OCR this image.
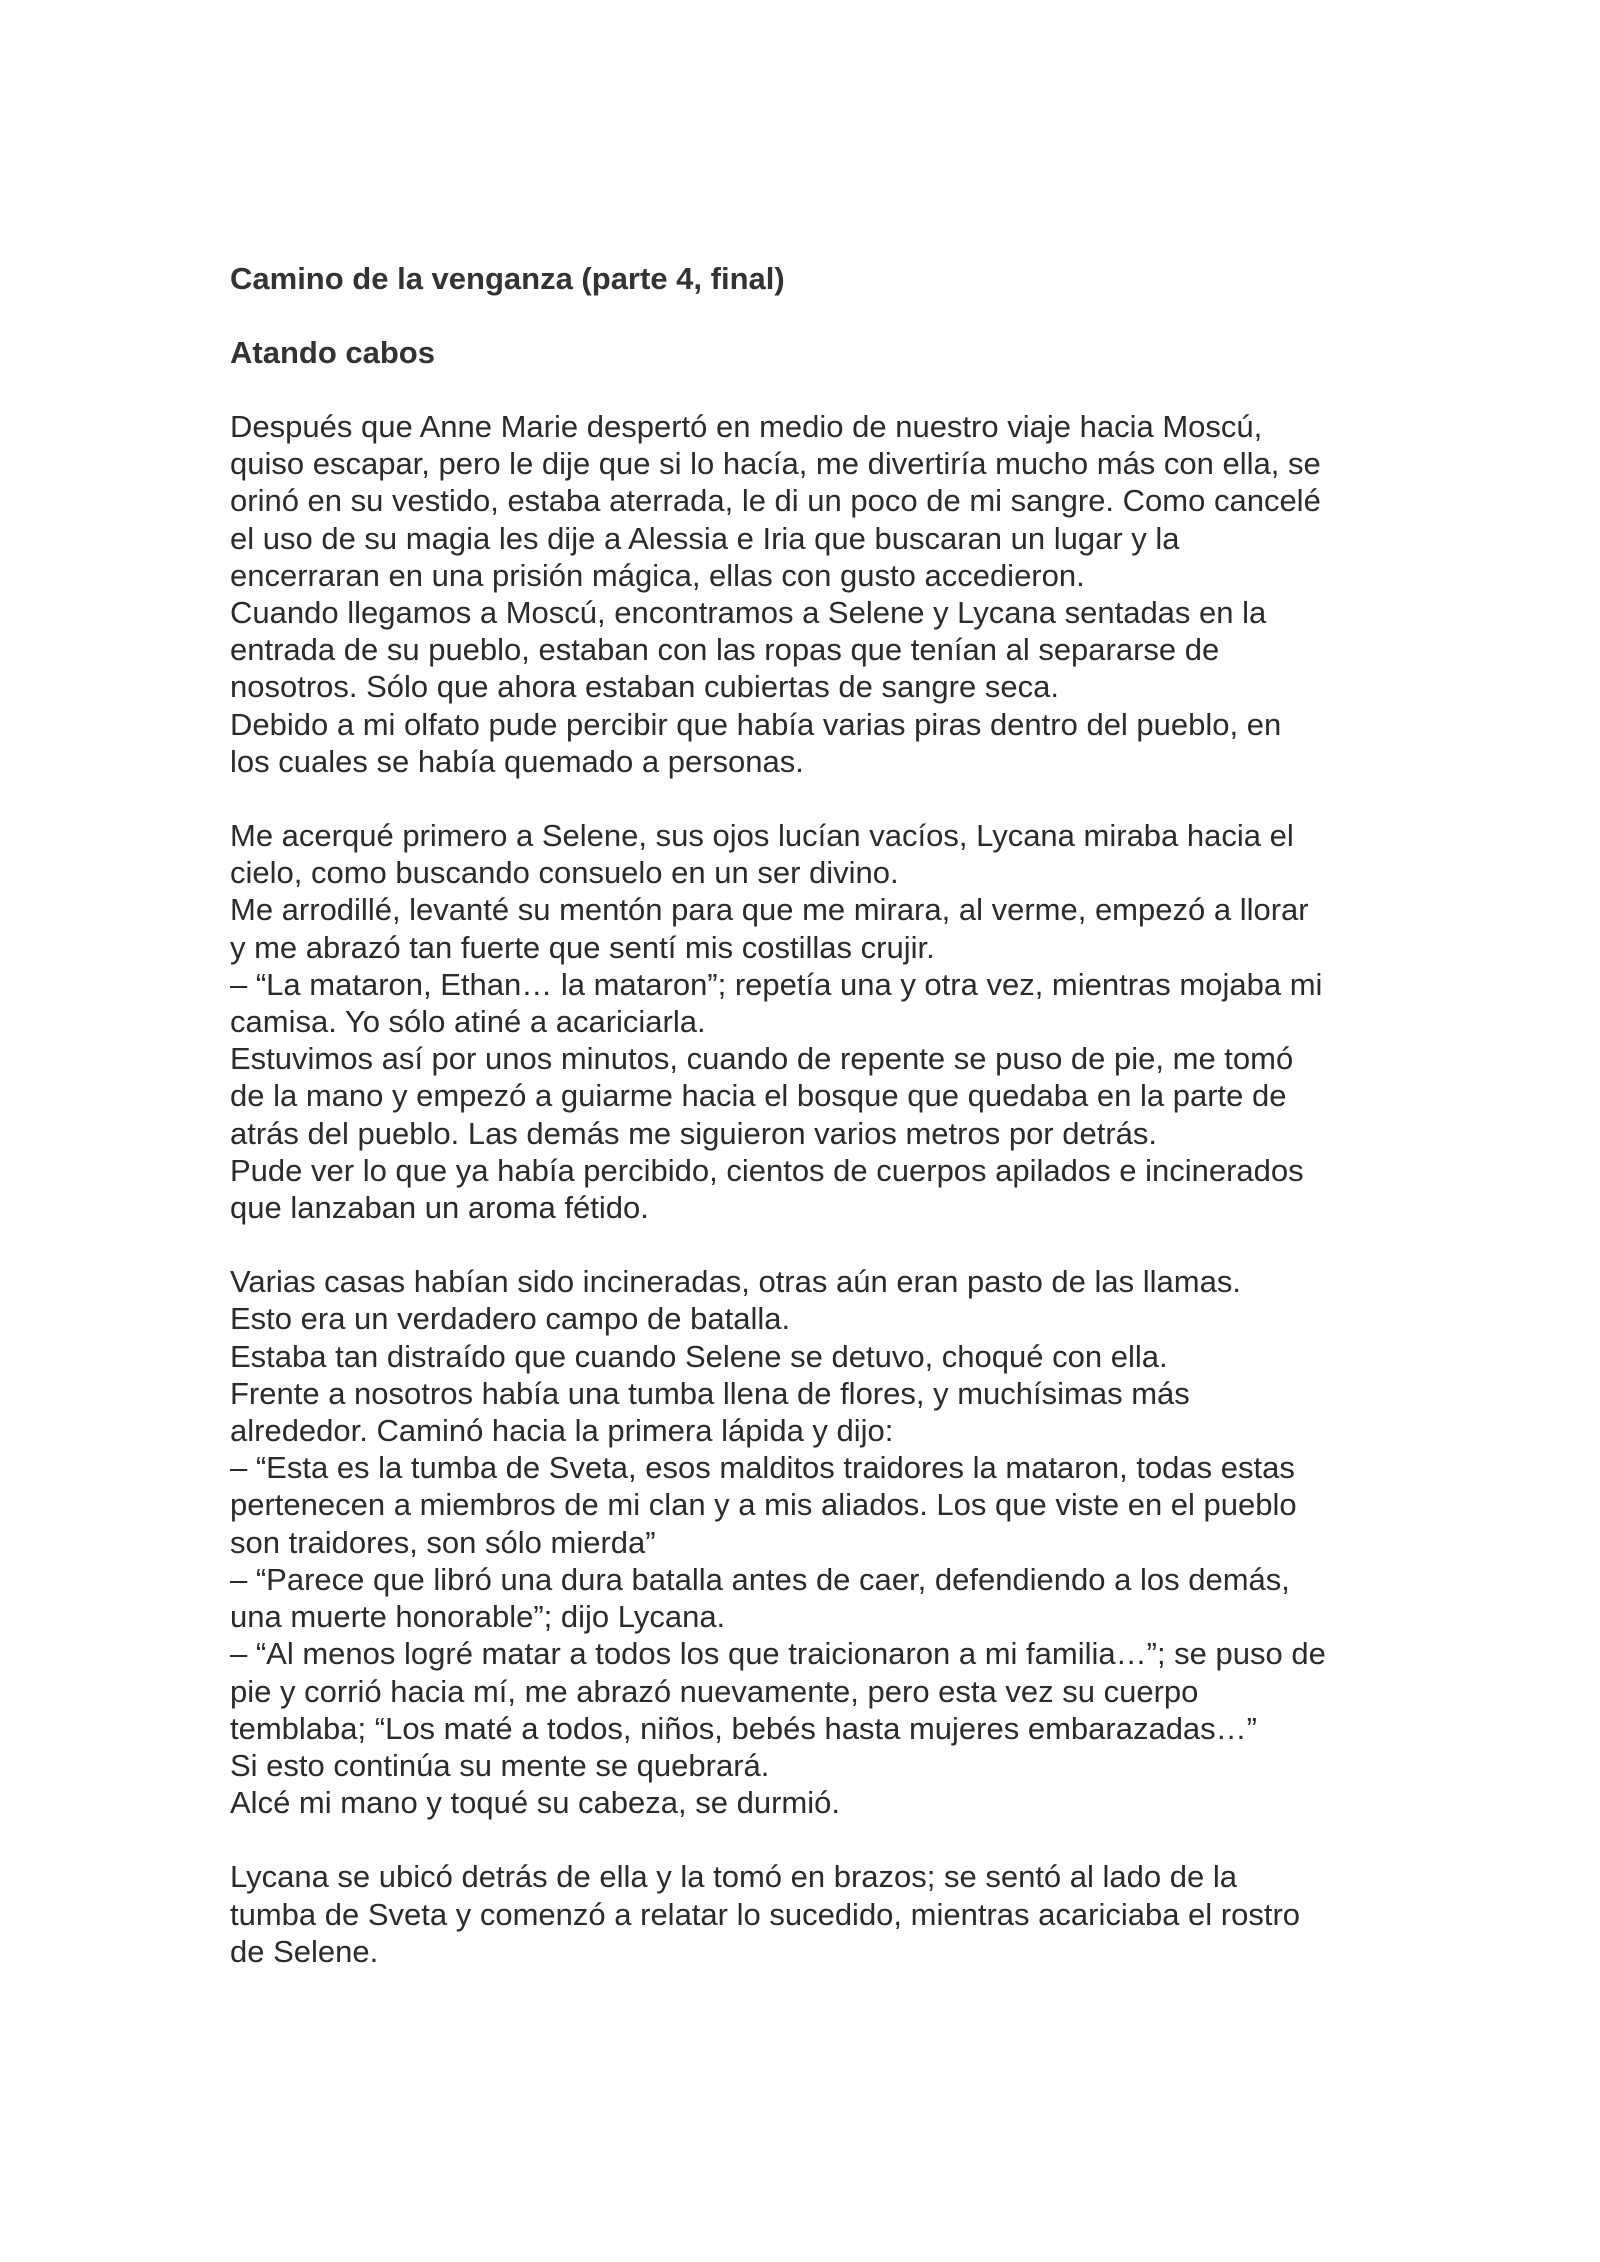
Camino de la venganza (parte 4, final)
Atando cabos

Después que Anne Marie despertó en medio de nuestro viaje hacia Moscú,

quiso escapar, pero le dije que si lo hacía, me divertiría mucho más con ella, se

orinó en su vestido, estaba aterrada, le di un poco de mi sangre. Como cancelé

el uso de su magia les dije a Alessia e Iria que buscaran un lugar y la

encerraran en una prisión mágica, ellas con gusto accedieron.

Cuando llegamos a Moscú, encontramos a Selene y Lycana sentadas en la

entrada de su pueblo, estaban con las ropas que tenían al separarse de

nosotros. Sólo que ahora estaban cubiertas de sangre seca.

Debido a mi olfato pude percibir que había varias piras dentro del pueblo, en

los cuales se había quemado a personas.

Me acerqué primero a Selene, sus ojos lucían vacíos, Lycana miraba hacia el

cielo, como buscando consuelo en un ser divino.

Me arrodillé, levanté su mentón para que me mirara, al verme, empezó a llorar

y me abrazó tan fuerte que sentí mis costillas crujir.

– “La mataron, Ethan… la mataron”; repetía una y otra vez, mientras mojaba mi

camisa. Yo sólo atiné a acariciarla.

Estuvimos así por unos minutos, cuando de repente se puso de pie, me tomó

de la mano y empezó a guiarme hacia el bosque que quedaba en la parte de

atrás del pueblo. Las demás me siguieron varios metros por detrás.

Pude ver lo que ya había percibido, cientos de cuerpos apilados e incinerados

que lanzaban un aroma fétido.

Varias casas habían sido incineradas, otras aún eran pasto de las llamas.

Esto era un verdadero campo de batalla.

Estaba tan distraído que cuando Selene se detuvo, choqué con ella.

Frente a nosotros había una tumba llena de flores, y muchísimas más

alrededor. Caminó hacia la primera lápida y dijo:

– “Esta es la tumba de Sveta, esos malditos traidores la mataron, todas estas

pertenecen a miembros de mi clan y a mis aliados. Los que viste en el pueblo

son traidores, son sólo mierda”

– “Parece que libró una dura batalla antes de caer, defendiendo a los demás,

una muerte honorable”; dijo Lycana.

– “Al menos logré matar a todos los que traicionaron a mi familia…”; se puso de

pie y corrió hacia mí, me abrazó nuevamente, pero esta vez su cuerpo

temblaba; “Los maté a todos, niños, bebés hasta mujeres embarazadas…”

Si esto continúa su mente se quebrará.

Alcé mi mano y toqué su cabeza, se durmió.

Lycana se ubicó detrás de ella y la tomó en brazos; se sentó al lado de la

tumba de Sveta y comenzó a relatar lo sucedido, mientras acariciaba el rostro

de Selene.
